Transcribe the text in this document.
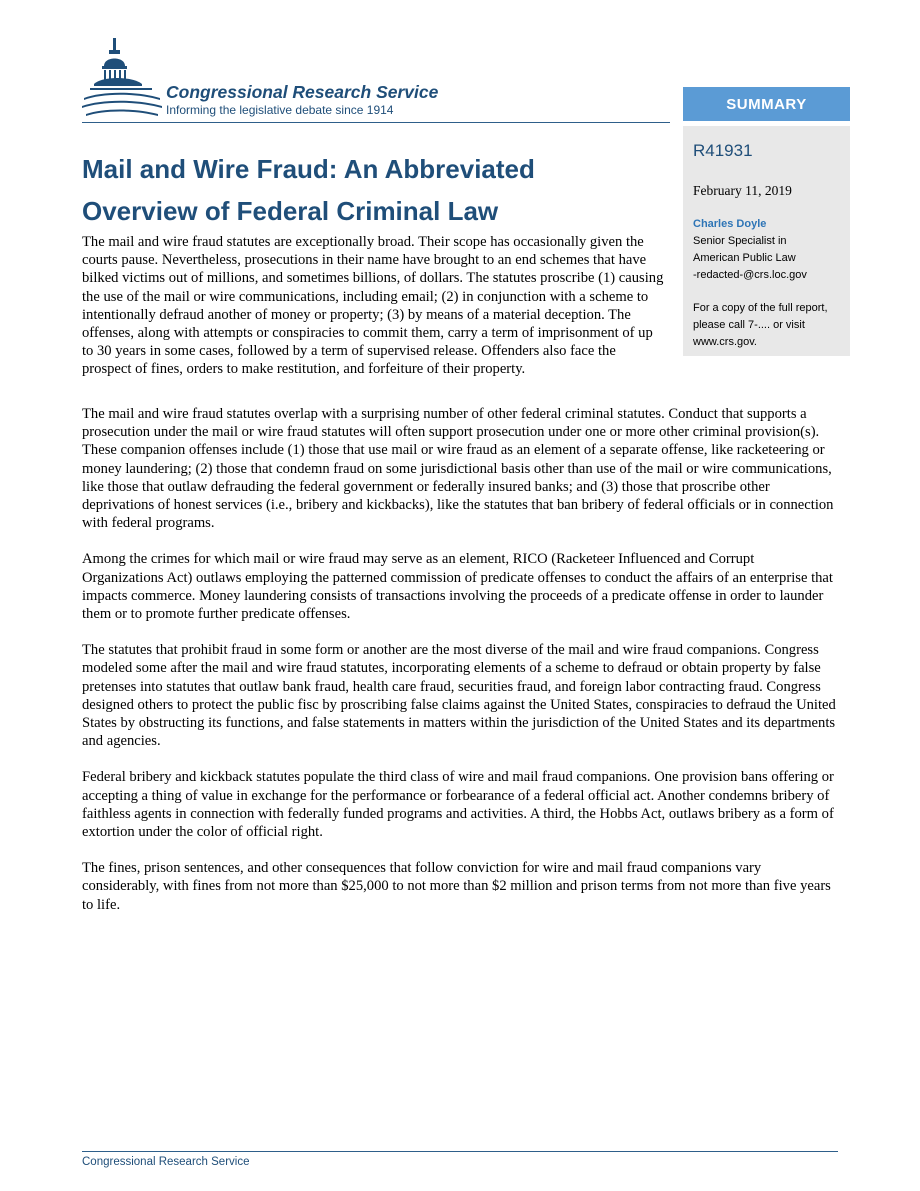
Congressional Research Service
Informing the legislative debate since 1914	SUMMARY
R41931
February 11, 2019
Charles Doyle
Senior Specialist in
American Public Law
-redacted-@crs.loc.gov
For a copy of the full report,
please call 7-.... or visit
www.crs.gov.
Mail and Wire Fraud: An Abbreviated
Overview of Federal Criminal Law

The mail and wire fraud statutes are exceptionally broad. Their scope has occasionally given the courts pause. Nevertheless, prosecutions in their name have brought to an end schemes that have bilked victims out of millions, and sometimes billions, of dollars. The statutes proscribe (1) causing the use of the mail or wire communications, including email; (2) in conjunction with a scheme to intentionally defraud another of money or property; (3) by means of a material deception. The offenses, along with attempts or conspiracies to commit them, carry a term of imprisonment of up to 30 years in some cases, followed by a term of supervised release. Offenders also face the prospect of fines, orders to make restitution, and forfeiture of their property.

The mail and wire fraud statutes overlap with a surprising number of other federal criminal statutes. Conduct that supports a prosecution under the mail or wire fraud statutes will often support prosecution under one or more other criminal provision(s). These companion offenses include (1) those that use mail or wire fraud as an element of a separate offense, like racketeering or money laundering; (2) those that condemn fraud on some jurisdictional basis other than use of the mail or wire communications, like those that outlaw defrauding the federal government or federally insured banks; and (3) those that proscribe other deprivations of honest services (i.e., bribery and kickbacks), like the statutes that ban bribery of federal officials or in connection with federal programs.

Among the crimes for which mail or wire fraud may serve as an element, RICO (Racketeer Influenced and Corrupt Organizations Act) outlaws employing the patterned commission of predicate offenses to conduct the affairs of an enterprise that impacts commerce. Money laundering consists of transactions involving the proceeds of a predicate offense in order to launder them or to promote further predicate offenses.

The statutes that prohibit fraud in some form or another are the most diverse of the mail and wire fraud companions. Congress modeled some after the mail and wire fraud statutes, incorporating elements of a scheme to defraud or obtain property by false pretenses into statutes that outlaw bank fraud, health care fraud, securities fraud, and foreign labor contracting fraud. Congress designed others to protect the public fisc by proscribing false claims against the United States, conspiracies to defraud the United States by obstructing its functions, and false statements in matters within the jurisdiction of the United States and its departments and agencies.

Federal bribery and kickback statutes populate the third class of wire and mail fraud companions. One provision bans offering or accepting a thing of value in exchange for the performance or forbearance of a federal official act. Another condemns bribery of faithless agents in connection with federally funded programs and activities. A third, the Hobbs Act, outlaws bribery as a form of extortion under the color of official right.

The fines, prison sentences, and other consequences that follow conviction for wire and mail fraud companions vary considerably, with fines from not more than $25,000 to not more than $2 million and prison terms from not more than five years to life.

Congressional Research Service
